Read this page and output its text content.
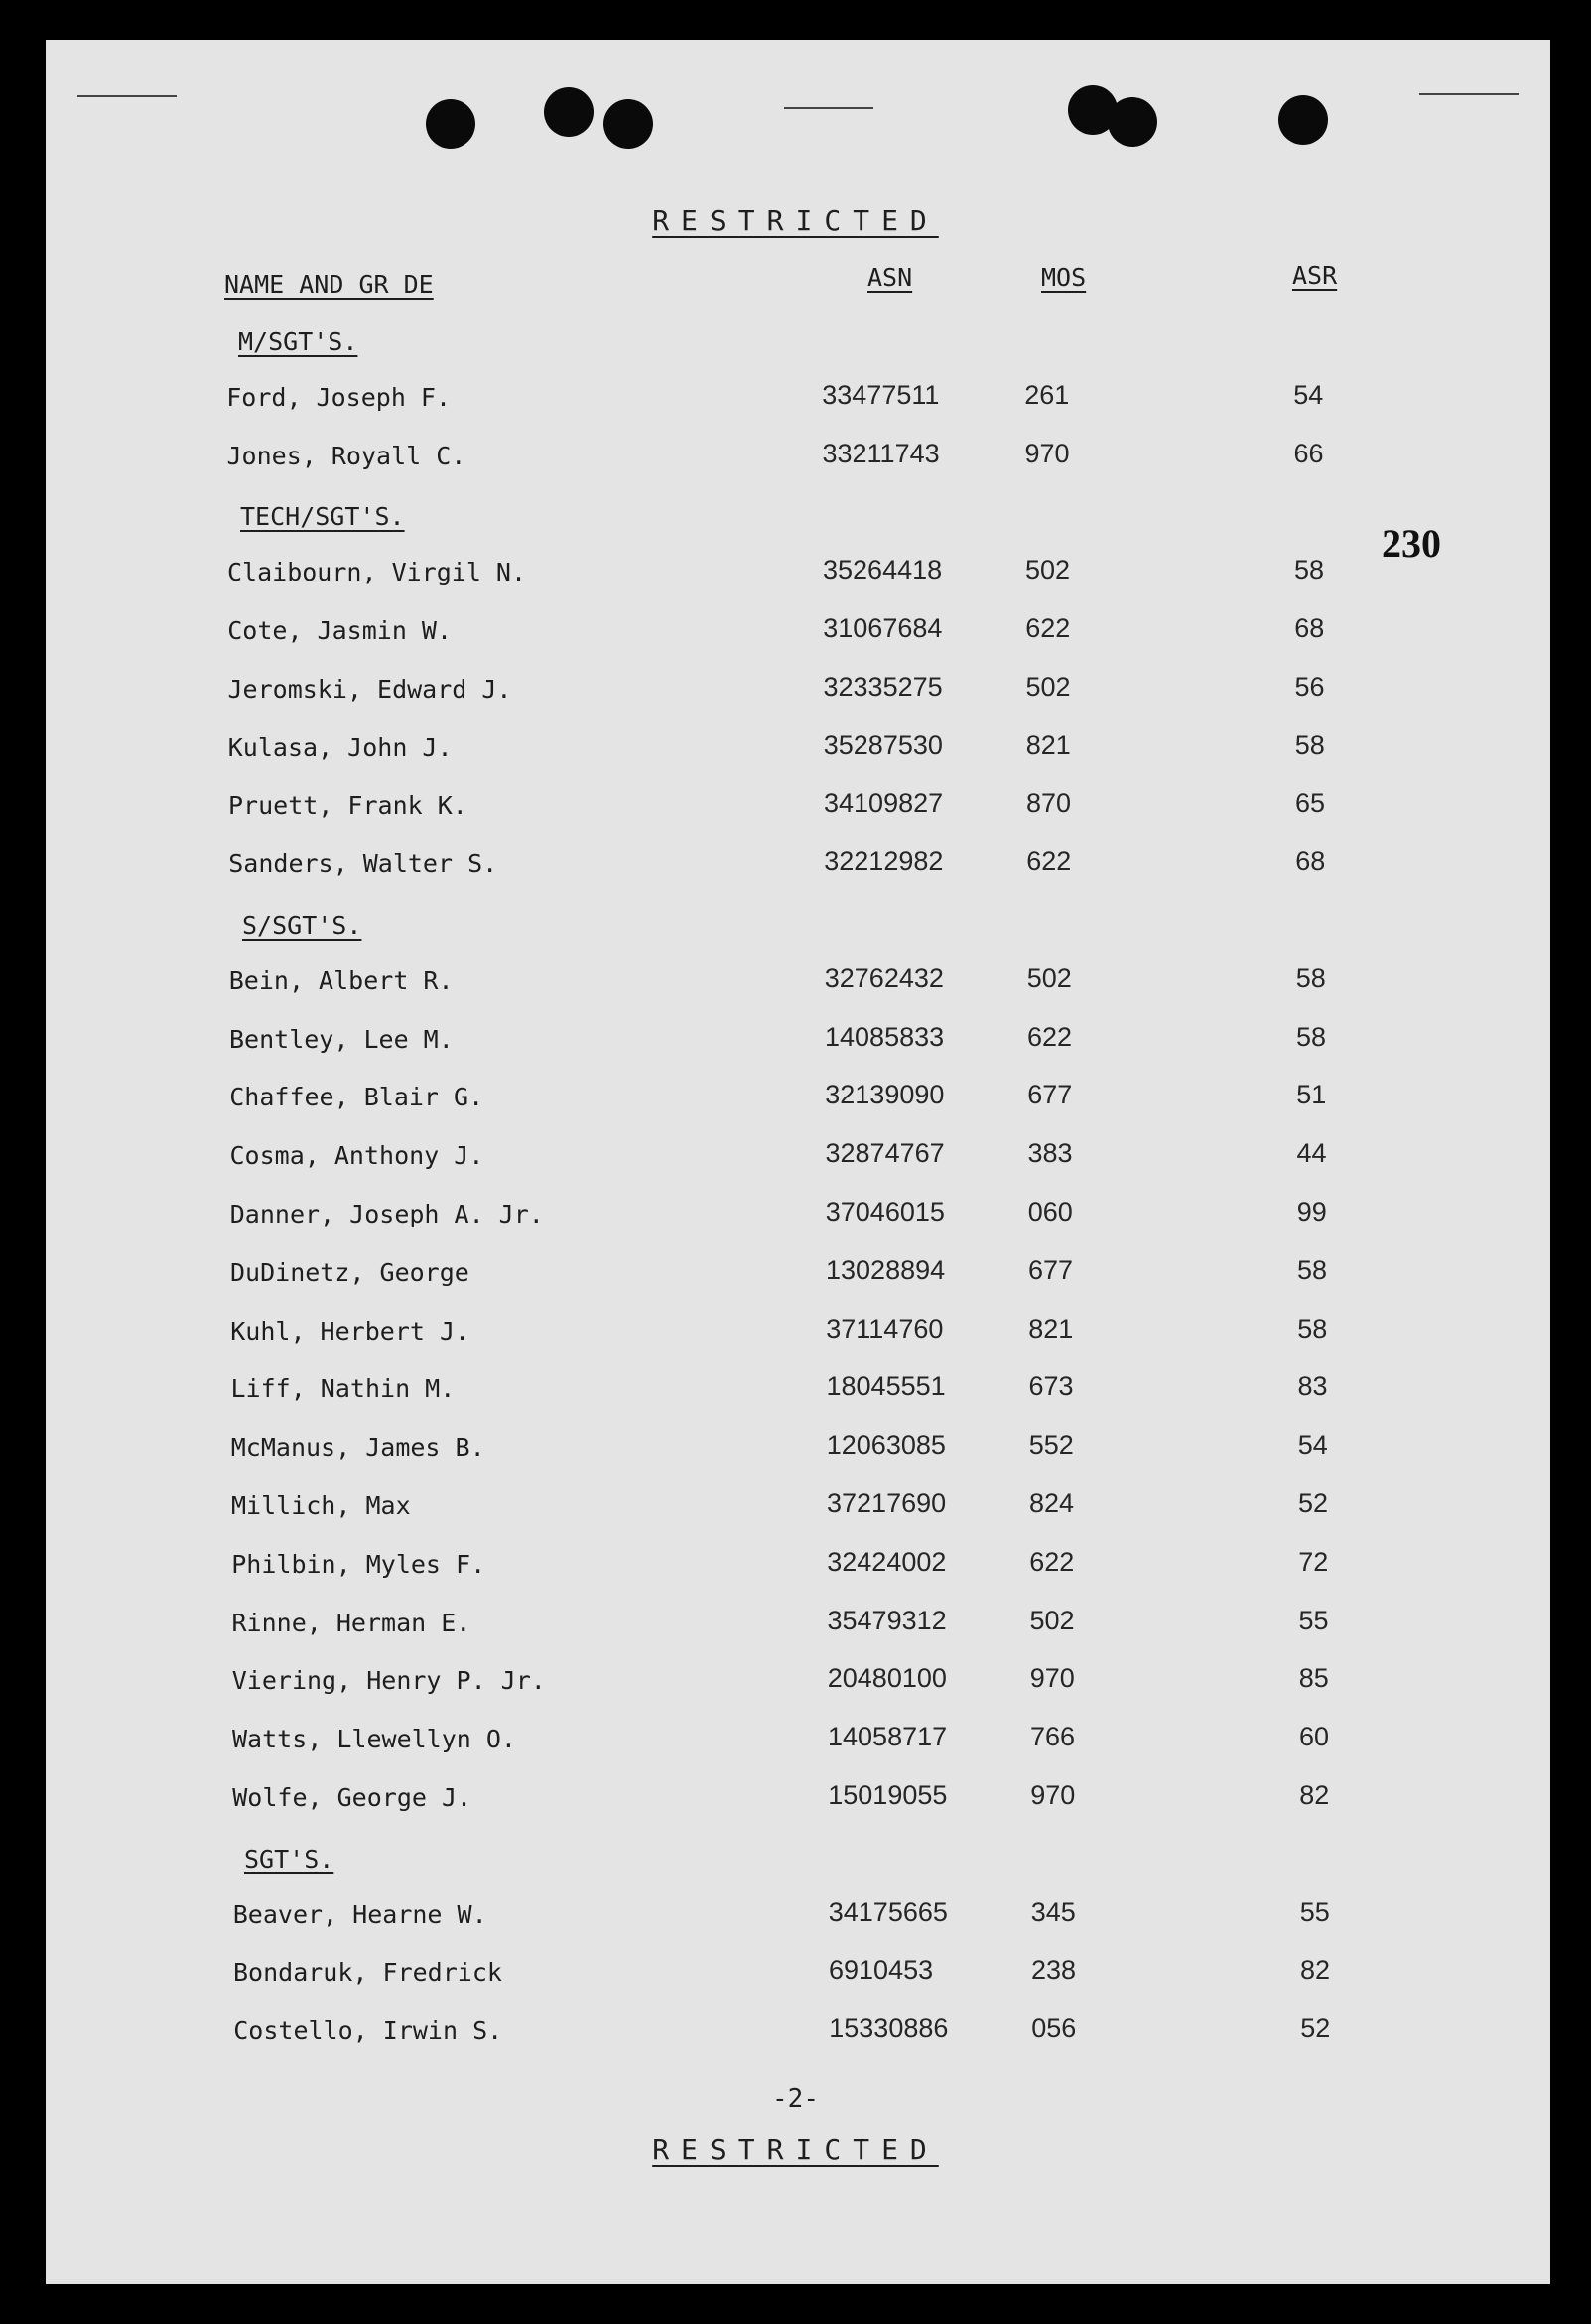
RESTRICTED
NAME AND GR DE	ASN	MOS	ASR
230
M/SGT'S.
Ford, Joseph F.	33477511	261	54
Jones, Royall C.	33211743	970	66
TECH/SGT'S.
Claibourn, Virgil N.	35264418	502	58
Cote, Jasmin W.	31067684	622	68
Jeromski, Edward J.	32335275	502	56
Kulasa, John J.	35287530	821	58
Pruett, Frank K.	34109827	870	65
Sanders, Walter S.	32212982	622	68
S/SGT'S.
Bein, Albert R.	32762432	502	58
Bentley, Lee M.	14085833	622	58
Chaffee, Blair G.	32139090	677	51
Cosma, Anthony J.	32874767	383	44
Danner, Joseph A. Jr.	37046015	060	99
DuDinetz, George	13028894	677	58
Kuhl, Herbert J.	37114760	821	58
Liff, Nathin M.	18045551	673	83
McManus, James B.	12063085	552	54
Millich, Max	37217690	824	52
Philbin, Myles F.	32424002	622	72
Rinne, Herman E.	35479312	502	55
Viering, Henry P. Jr.	20480100	970	85
Watts, Llewellyn O.	14058717	766	60
Wolfe, George J.	15019055	970	82
SGT'S.
Beaver, Hearne W.	34175665	345	55
Bondaruk, Fredrick	6910453	238	82
Costello, Irwin S.	15330886	056	52
-2-
RESTRICTED
